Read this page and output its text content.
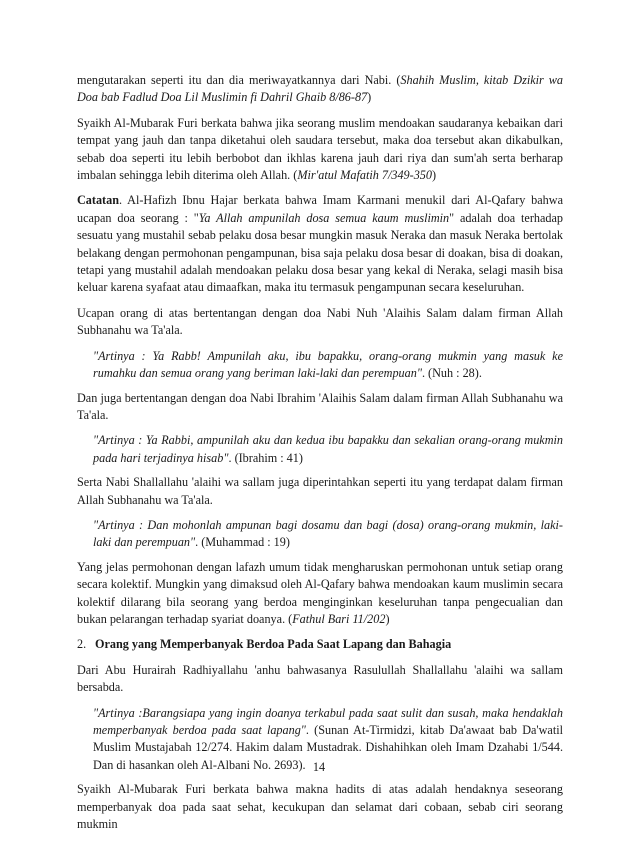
mengutarakan seperti itu dan dia meriwayatkannya dari Nabi. (Shahih Muslim, kitab Dzikir wa Doa bab Fadlud Doa Lil Muslimin fi Dahril Ghaib 8/86-87)

Syaikh Al-Mubarak Furi berkata bahwa jika seorang muslim mendoakan saudaranya kebaikan dari tempat yang jauh dan tanpa diketahui oleh saudara tersebut, maka doa tersebut akan dikabulkan, sebab doa seperti itu lebih berbobot dan ikhlas karena jauh dari riya dan sum'ah serta berharap imbalan sehingga lebih diterima oleh Allah. (Mir'atul Mafatih 7/349-350)

Catatan. Al-Hafizh Ibnu Hajar berkata bahwa Imam Karmani menukil dari Al-Qafary bahwa ucapan doa seorang : "Ya Allah ampunilah dosa semua kaum muslimin" adalah doa terhadap sesuatu yang mustahil sebab pelaku dosa besar mungkin masuk Neraka dan masuk Neraka bertolak belakang dengan permohonan pengampunan, bisa saja pelaku dosa besar di doakan, bisa di doakan, tetapi yang mustahil adalah mendoakan pelaku dosa besar yang kekal di Neraka, selagi masih bisa keluar karena syafaat atau dimaafkan, maka itu termasuk pengampunan secara keseluruhan.

Ucapan orang di atas bertentangan dengan doa Nabi Nuh 'Alaihis Salam dalam firman Allah Subhanahu wa Ta'ala.

"Artinya : Ya Rabb! Ampunilah aku, ibu bapakku, orang-orang mukmin yang masuk ke rumahku dan semua orang yang beriman laki-laki dan perempuan". (Nuh : 28).

Dan juga bertentangan dengan doa Nabi Ibrahim 'Alaihis Salam dalam firman Allah Subhanahu wa Ta'ala.

"Artinya : Ya Rabbi, ampunilah aku dan kedua ibu bapakku dan sekalian orang-orang mukmin pada hari terjadinya hisab". (Ibrahim : 41)

Serta Nabi Shallallahu 'alaihi wa sallam juga diperintahkan seperti itu yang terdapat dalam firman Allah Subhanahu wa Ta'ala.

"Artinya : Dan mohonlah ampunan bagi dosamu dan bagi (dosa) orang-orang mukmin, laki-laki dan perempuan". (Muhammad : 19)

Yang jelas permohonan dengan lafazh umum tidak mengharuskan permohonan untuk setiap orang secara kolektif. Mungkin yang dimaksud oleh Al-Qafary bahwa mendoakan kaum muslimin secara kolektif dilarang bila seorang yang berdoa menginginkan keseluruhan tanpa pengecualian dan bukan pelarangan terhadap syariat doanya. (Fathul Bari 11/202)

2. Orang yang Memperbanyak Berdoa Pada Saat Lapang dan Bahagia

Dari Abu Hurairah Radhiyallahu 'anhu bahwasanya Rasulullah Shallallahu 'alaihi wa sallam bersabda.

"Artinya :Barangsiapa yang ingin doanya terkabul pada saat sulit dan susah, maka hendaklah memperbanyak berdoa pada saat lapang". (Sunan At-Tirmidzi, kitab Da'awaat bab Da'watil Muslim Mustajabah 12/274. Hakim dalam Mustadrak. Dishahihkan oleh Imam Dzahabi 1/544. Dan di hasankan oleh Al-Albani No. 2693).

Syaikh Al-Mubarak Furi berkata bahwa makna hadits di atas adalah hendaknya seseorang memperbanyak doa pada saat sehat, kecukupan dan selamat dari cobaan, sebab ciri seorang mukmin

14
